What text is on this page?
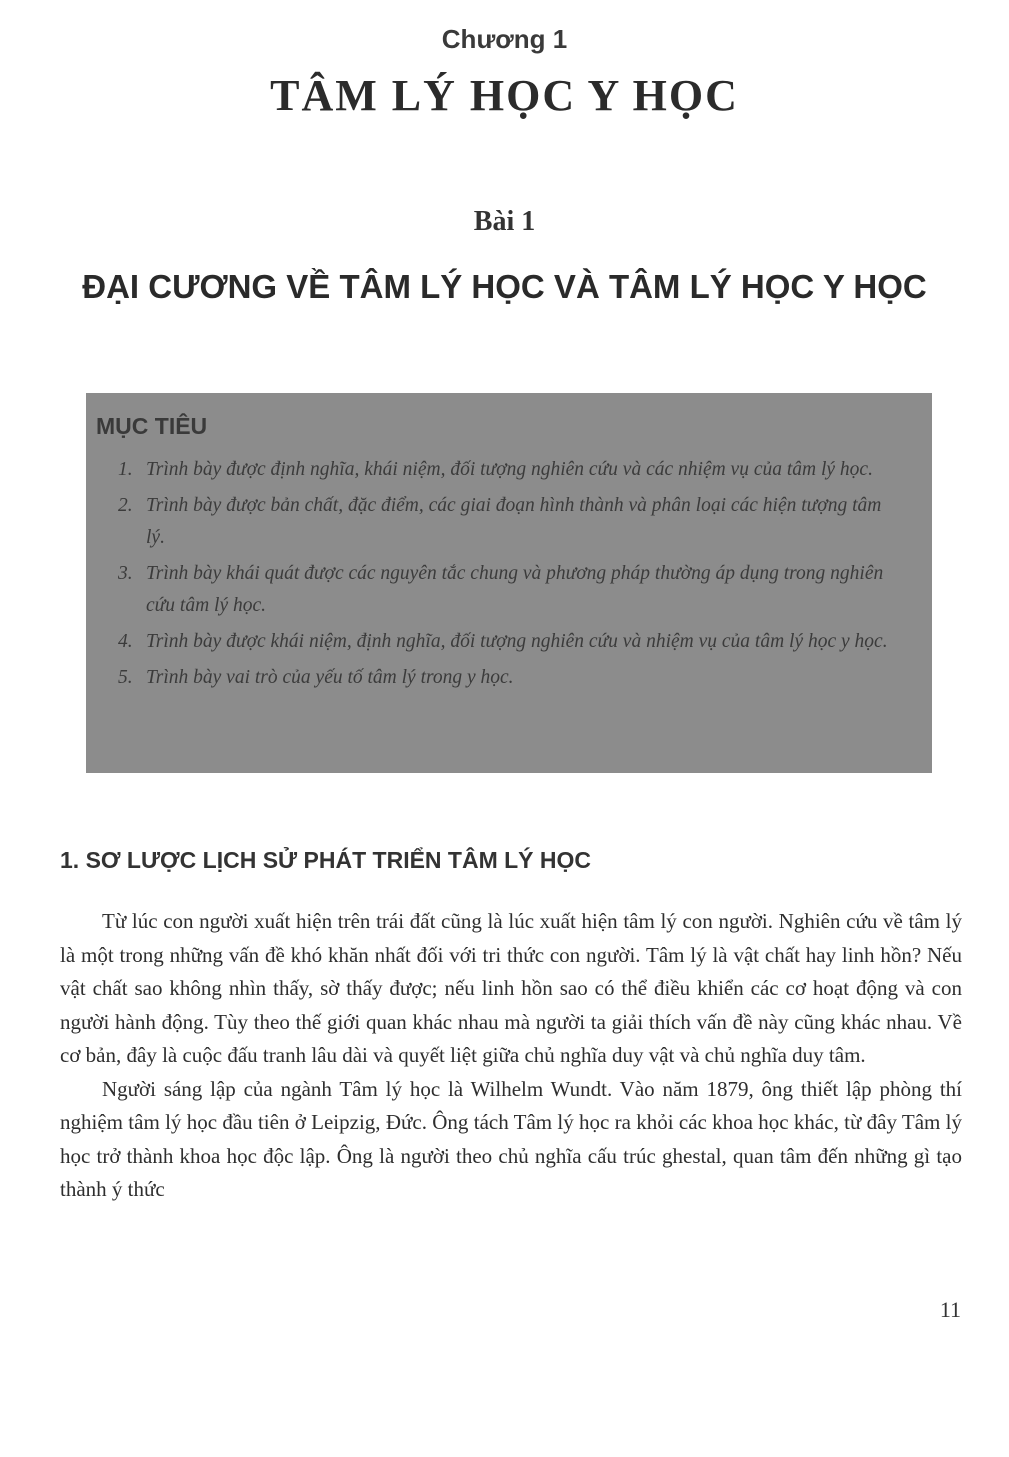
Chương 1
TÂM LÝ HỌC Y HỌC
Bài 1
ĐẠI CƯƠNG VỀ TÂM LÝ HỌC VÀ TÂM LÝ HỌC Y HỌC
MỤC TIÊU
1. Trình bày được định nghĩa, khái niệm, đối tượng nghiên cứu và các nhiệm vụ của tâm lý học.
2. Trình bày được bản chất, đặc điểm, các giai đoạn hình thành và phân loại các hiện tượng tâm lý.
3. Trình bày khái quát được các nguyên tắc chung và phương pháp thường áp dụng trong nghiên cứu tâm lý học.
4. Trình bày được khái niệm, định nghĩa, đối tượng nghiên cứu và nhiệm vụ của tâm lý học y học.
5. Trình bày vai trò của yếu tố tâm lý trong y học.
1. SƠ LƯỢC LỊCH SỬ PHÁT TRIỂN TÂM LÝ HỌC

Từ lúc con người xuất hiện trên trái đất cũng là lúc xuất hiện tâm lý con người. Nghiên cứu về tâm lý là một trong những vấn đề khó khăn nhất đối với tri thức con người. Tâm lý là vật chất hay linh hồn? Nếu vật chất sao không nhìn thấy, sờ thấy được; nếu linh hồn sao có thể điều khiển các cơ hoạt động và con người hành động. Tùy theo thế giới quan khác nhau mà người ta giải thích vấn đề này cũng khác nhau. Về cơ bản, đây là cuộc đấu tranh lâu dài và quyết liệt giữa chủ nghĩa duy vật và chủ nghĩa duy tâm.

Người sáng lập của ngành Tâm lý học là Wilhelm Wundt. Vào năm 1879, ông thiết lập phòng thí nghiệm tâm lý học đầu tiên ở Leipzig, Đức. Ông tách Tâm lý học ra khỏi các khoa học khác, từ đây Tâm lý học trở thành khoa học độc lập. Ông là người theo chủ nghĩa cấu trúc ghestal, quan tâm đến những gì tạo thành ý thức

11
